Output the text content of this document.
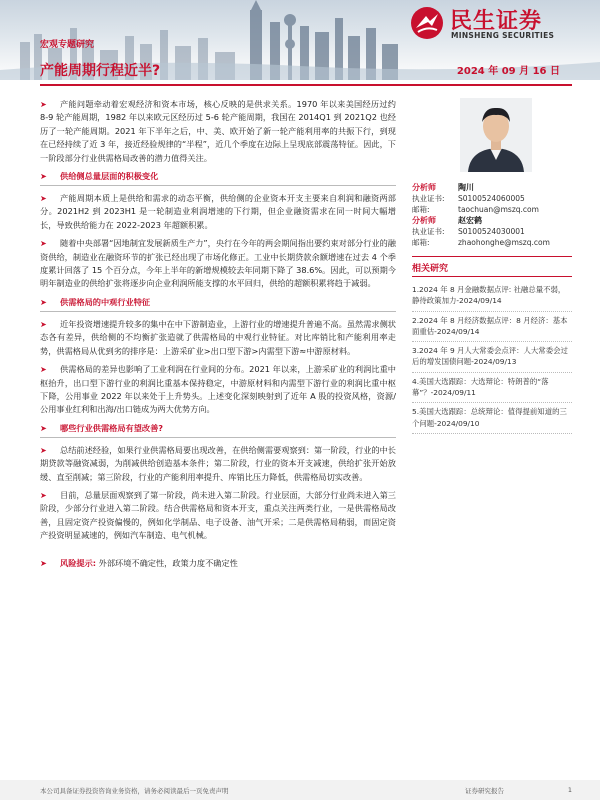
民生证券
MINSHENG SECURITIES
宏观专题研究
产能周期行程近半?	2024 年 09 月 16 日
➤	产能问题牵动着宏观经济和资本市场，核心反映的是供求关系。1970 年以来美国经历过约 8-9 轮产能周期，1982 年以来欧元区经历过 5-6 轮产能周期，我国在 2014Q1 到 2021Q2 也经历了一轮产能周期。2021 年下半年之后，中、美、欧开始了新一轮产能利用率的共振下行，到现在已经持续了近 3 年，接近经验规律的“半程”，近几个季度在边际上呈现底部震荡特征。因此，下一阶段部分行业供需格局改善的潜力值得关注。
➤ 供给侧总量层面的积极变化
➤	产能周期本质上是供给和需求的动态平衡，供给侧的企业资本开支主要来自利润和融资两部分。2021H2 到 2023H1 是一轮制造业利润增速的下行期，但企业融资需求在同一时间大幅增长，导致供给能力在 2022-2023 年超额积累。
➤	随着中央部署“因地制宜发展新质生产力”，央行在今年的两会期间指出要约束对部分行业的融资供给，制造业在融资环节的扩张已经出现了市场化修正。工业中长期贷款余额增速在过去 4 个季度累计回落了 15 个百分点，今年上半年的新增规模较去年同期下降了 38.6%。因此，可以预期今明年制造业的供给扩张将逐步向企业利润所能支撑的水平回归，供给的超额积累将趋于减弱。
➤ 供需格局的中观行业特征
➤	近年投资增速提升较多的集中在中下游制造业，上游行业的增速提升普遍不高。虽然需求侧状态各有差异，供给侧的不均衡扩张造就了供需格局的中观行业特征。对比库销比和产能利用率走势，供需格局从优到劣的排序是：上游采矿业>出口型下游>内需型下游≈中游原材料。
➤	供需格局的差异也影响了工业利润在行业间的分布。2021 年以来，上游采矿业的利润比重中枢抬升，出口型下游行业的利润比重基本保持稳定，中游原材料和内需型下游行业的利润比重中枢下降，公用事业 2022 年以来处于上升势头。上述变化深刻映射到了近年 A 股的投资风格，资源/公用事业红利和出海/出口链成为两大优势方向。
➤ 哪些行业供需格局有望改善?
➤	总结前述经验，如果行业供需格局要出现改善，在供给侧需要观察到：第一阶段，行业的中长期贷款等融资减弱，为削减供给创造基本条件；第二阶段，行业的资本开支减速，供给扩张开始放缓、直至削减；第三阶段，行业的产能利用率提升、库销比压力降低，供需格局切实改善。
➤	目前，总量层面观察到了第一阶段，尚未进入第二阶段。行业层面，大部分行业尚未进入第三阶段，少部分行业进入第二阶段。结合供需格局和资本开支，重点关注两类行业，一是供需格局改善，且固定资产投资偏慢的，例如化学制品、电子设备、油气开采；二是供需格局稍弱，而固定资产投资明显减速的，例如汽车制造、电气机械。
➤ 风险提示: 外部环境不确定性，政策力度不确定性
分析师	陶川
执业证书:	S0100524060005
邮箱:	taochuan@mszq.com
分析师	赵宏鹤
执业证书:	S0100524030001
邮箱:	zhaohonghe@mszq.com
相关研究
1.2024 年 8 月金融数据点评: 社融总量不弱，静待政策加力-2024/09/14
2.2024 年 8 月经济数据点评：8 月经济：基本面重估-2024/09/14
3.2024 年 9 月人大常委会点评：人大常委会过后的增发国债问题-2024/09/13
4.美国大选跟踪：大选辩论：特朗普的“落幕”？-2024/09/11
5.美国大选跟踪：总统辩论：值得提前知道的三个问题-2024/09/10
本公司具备证券投资咨询业务资格，请务必阅读最后一页免责声明	证券研究报告	1
